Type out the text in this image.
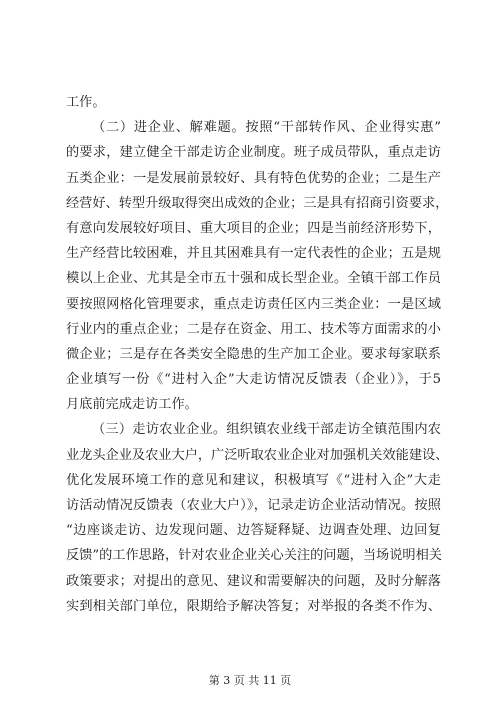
工作。
（二）进企业、解难题。按照“干部转作风、企业得实惠”
的要求，建立健全干部走访企业制度。班子成员带队，重点走访
五类企业：一是发展前景较好、具有特色优势的企业；二是生产
经营好、转型升级取得突出成效的企业；三是具有招商引资要求，
有意向发展较好项目、重大项目的企业；四是当前经济形势下，
生产经营比较困难，并且其困难具有一定代表性的企业；五是规
模以上企业、尤其是全市五十强和成长型企业。全镇干部工作员
要按照网格化管理要求，重点走访责任区内三类企业：一是区域
行业内的重点企业；二是存在资金、用工、技术等方面需求的小
微企业；三是存在各类安全隐患的生产加工企业。要求每家联系
企业填写一份《“进村入企”大走访情况反馈表（企业）》，于5
月底前完成走访工作。
（三）走访农业企业。组织镇农业线干部走访全镇范围内农
业龙头企业及农业大户，广泛听取农业企业对加强机关效能建设、
优化发展环境工作的意见和建议，积极填写《“进村入企”大走
访活动情况反馈表（农业大户）》，记录走访企业活动情况。按照
“边座谈走访、边发现问题、边答疑释疑、边调查处理、边回复
反馈”的工作思路，针对农业企业关心关注的问题，当场说明相关
政策要求；对提出的意见、建议和需要解决的问题，及时分解落
实到相关部门单位，限期给予解决答复；对举报的各类不作为、
第 3 页 共 11 页
